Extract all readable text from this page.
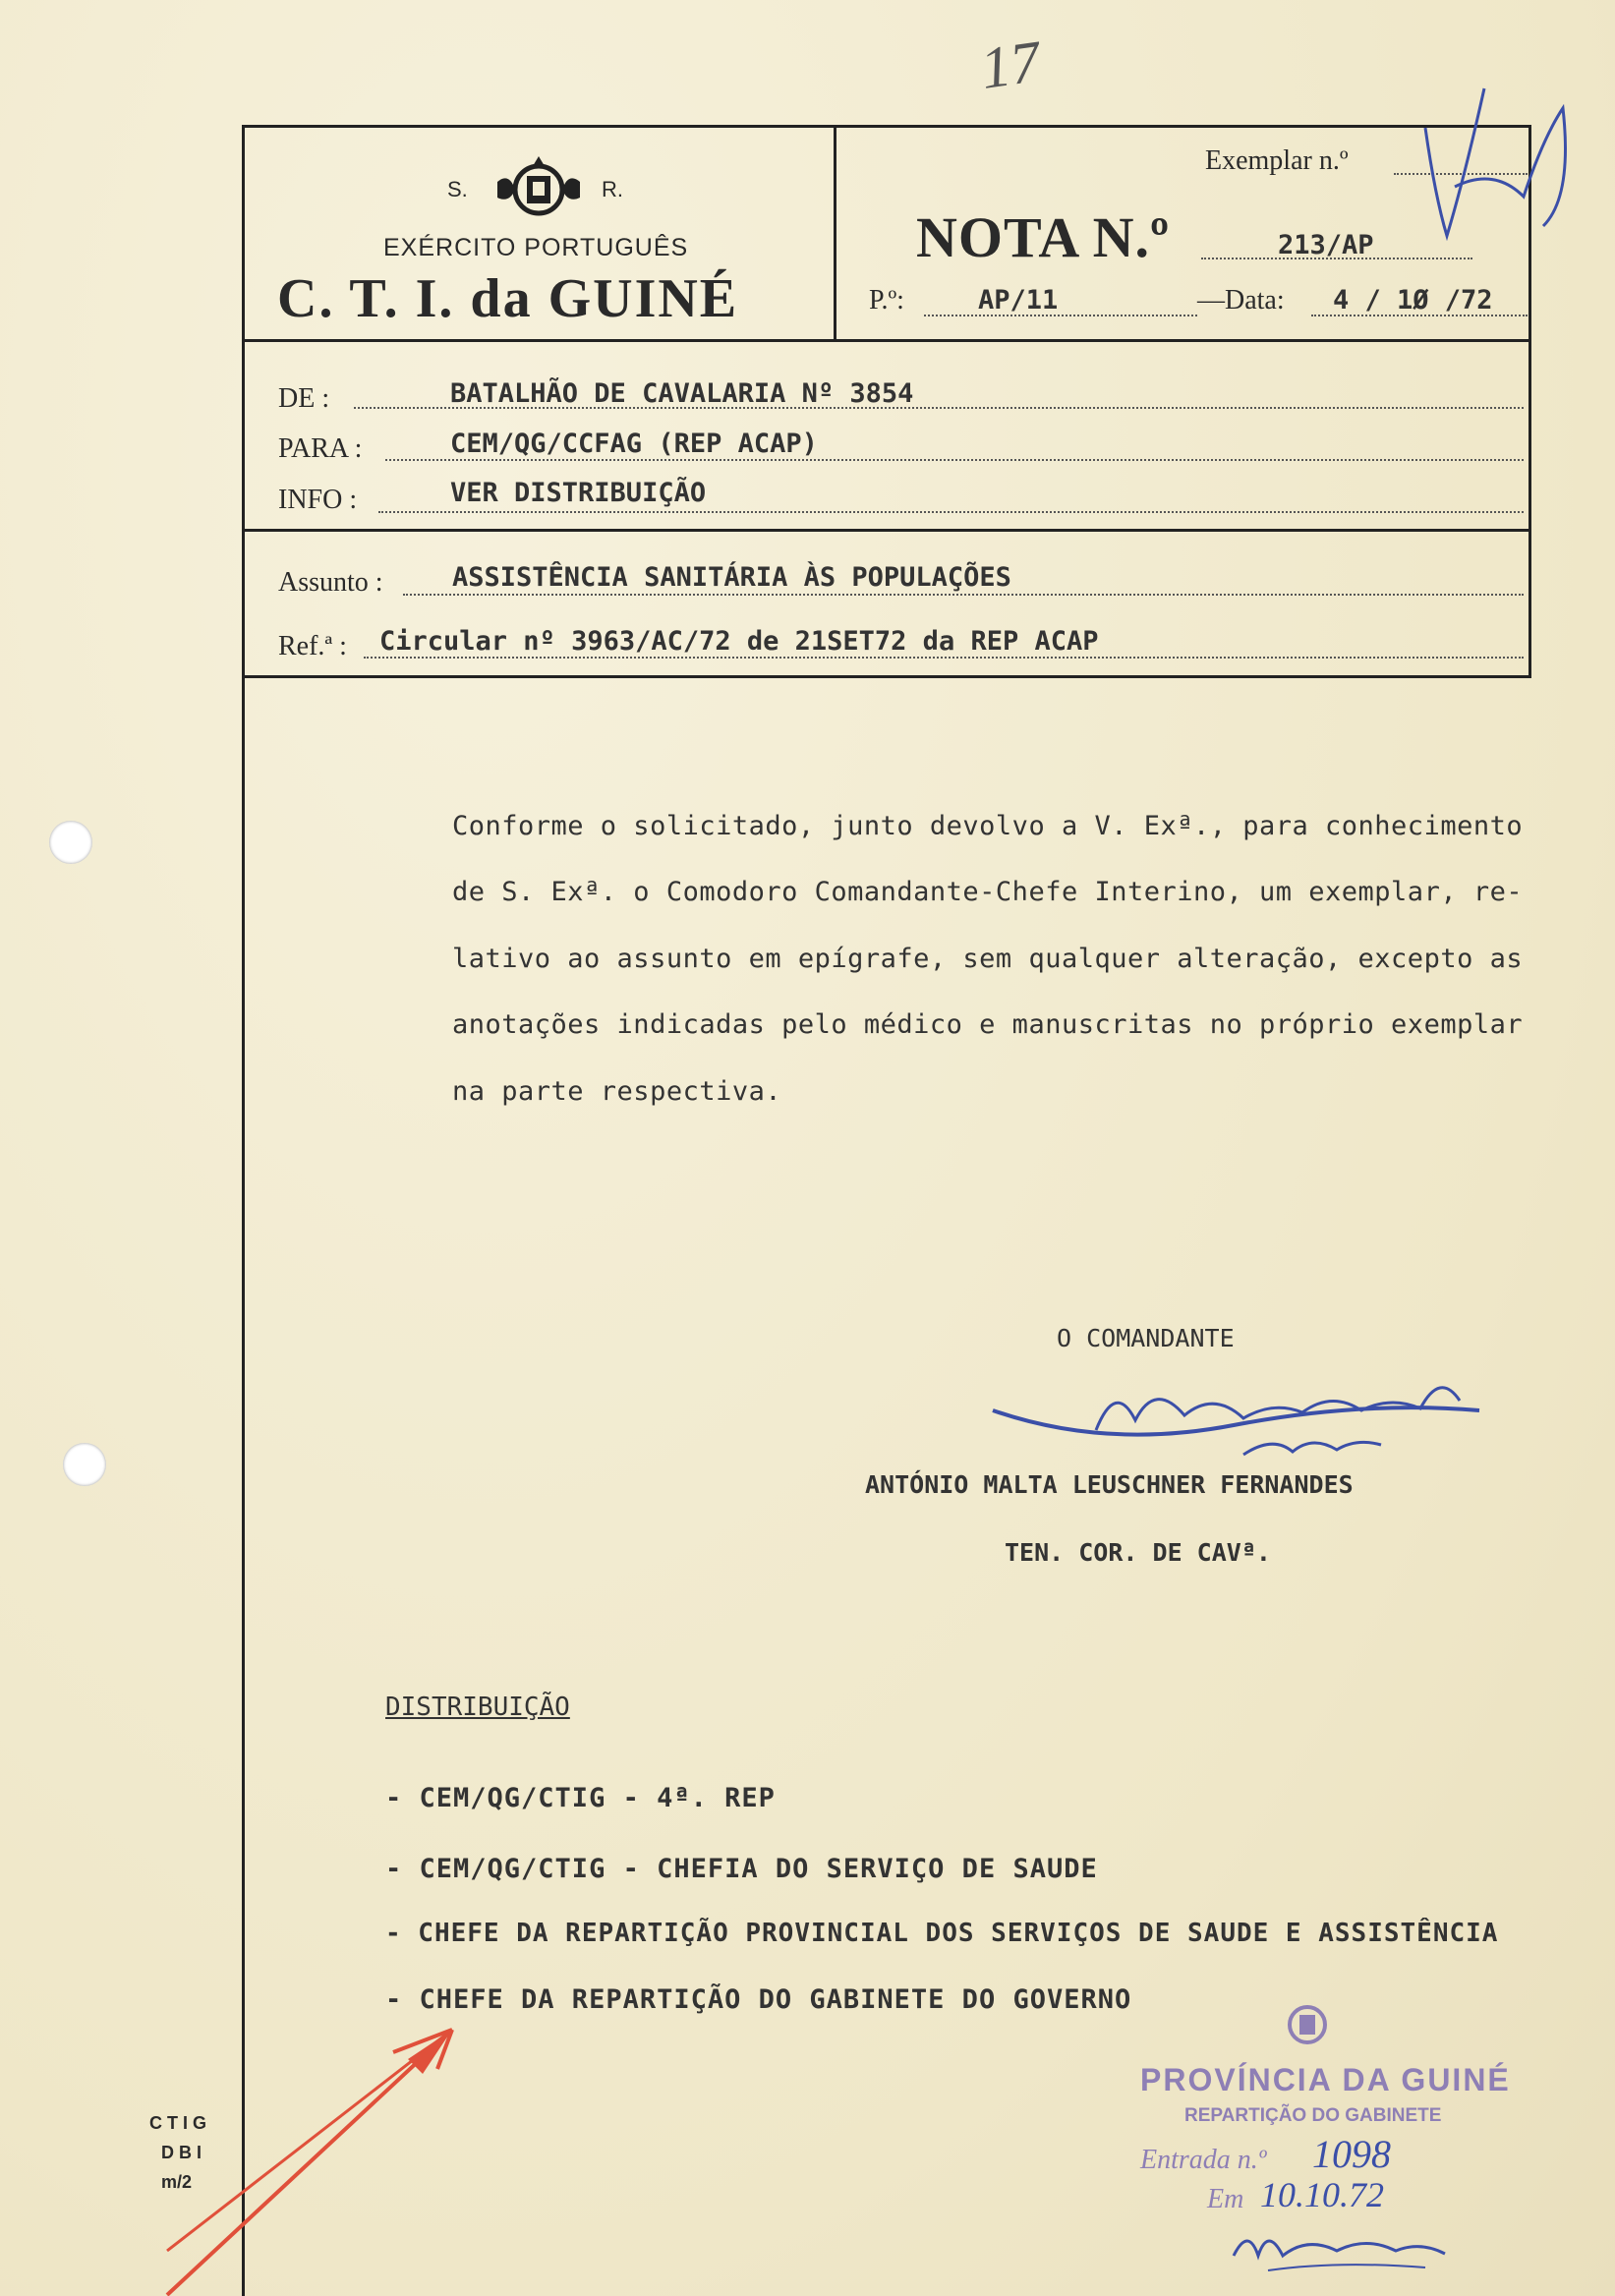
17
S.	R.
EXÉRCITO PORTUGUÊS
C. T. I. da GUINÉ
Exemplar n.º
NOTA N.º	213/AP
P.º:	AP/11	—Data: 4 / 1Ø /72
DE :	BATALHÃO DE CAVALARIA Nº 3854
PARA :	CEM/QG/CCFAG (REP ACAP)
INFO :	VER DISTRIBUIÇÃO
Assunto :	ASSISTÊNCIA SANITÁRIA ÀS POPULAÇÕES
Ref.ª : Circular nº 3963/AC/72 de 21SET72 da REP ACAP
Conforme o solicitado, junto devolvo a V. Exª., para conhecimento
de S. Exª. o Comodoro Comandante-Chefe Interino, um exemplar, re-
lativo ao assunto em epígrafe, sem qualquer alteração, excepto as
anotações indicadas pelo médico e manuscritas no próprio exemplar
na parte respectiva.
O COMANDANTE
ANTÓNIO MALTA LEUSCHNER FERNANDES
TEN. COR. DE CAVª.
DISTRIBUIÇÃO
- CEM/QG/CTIG - 4ª. REP
- CEM/QG/CTIG - CHEFIA DO SERVIÇO DE SAUDE
- CHEFE DA REPARTIÇÃO PROVINCIAL DOS SERVIÇOS DE SAUDE E ASSISTÊNCIA
- CHEFE DA REPARTIÇÃO DO GABINETE DO GOVERNO
CTIG
DBI
m/2
PROVÍNCIA DA GUINÉ
REPARTIÇÃO DO GABINETE
Entrada n.º 1098
Em 10.10.72
